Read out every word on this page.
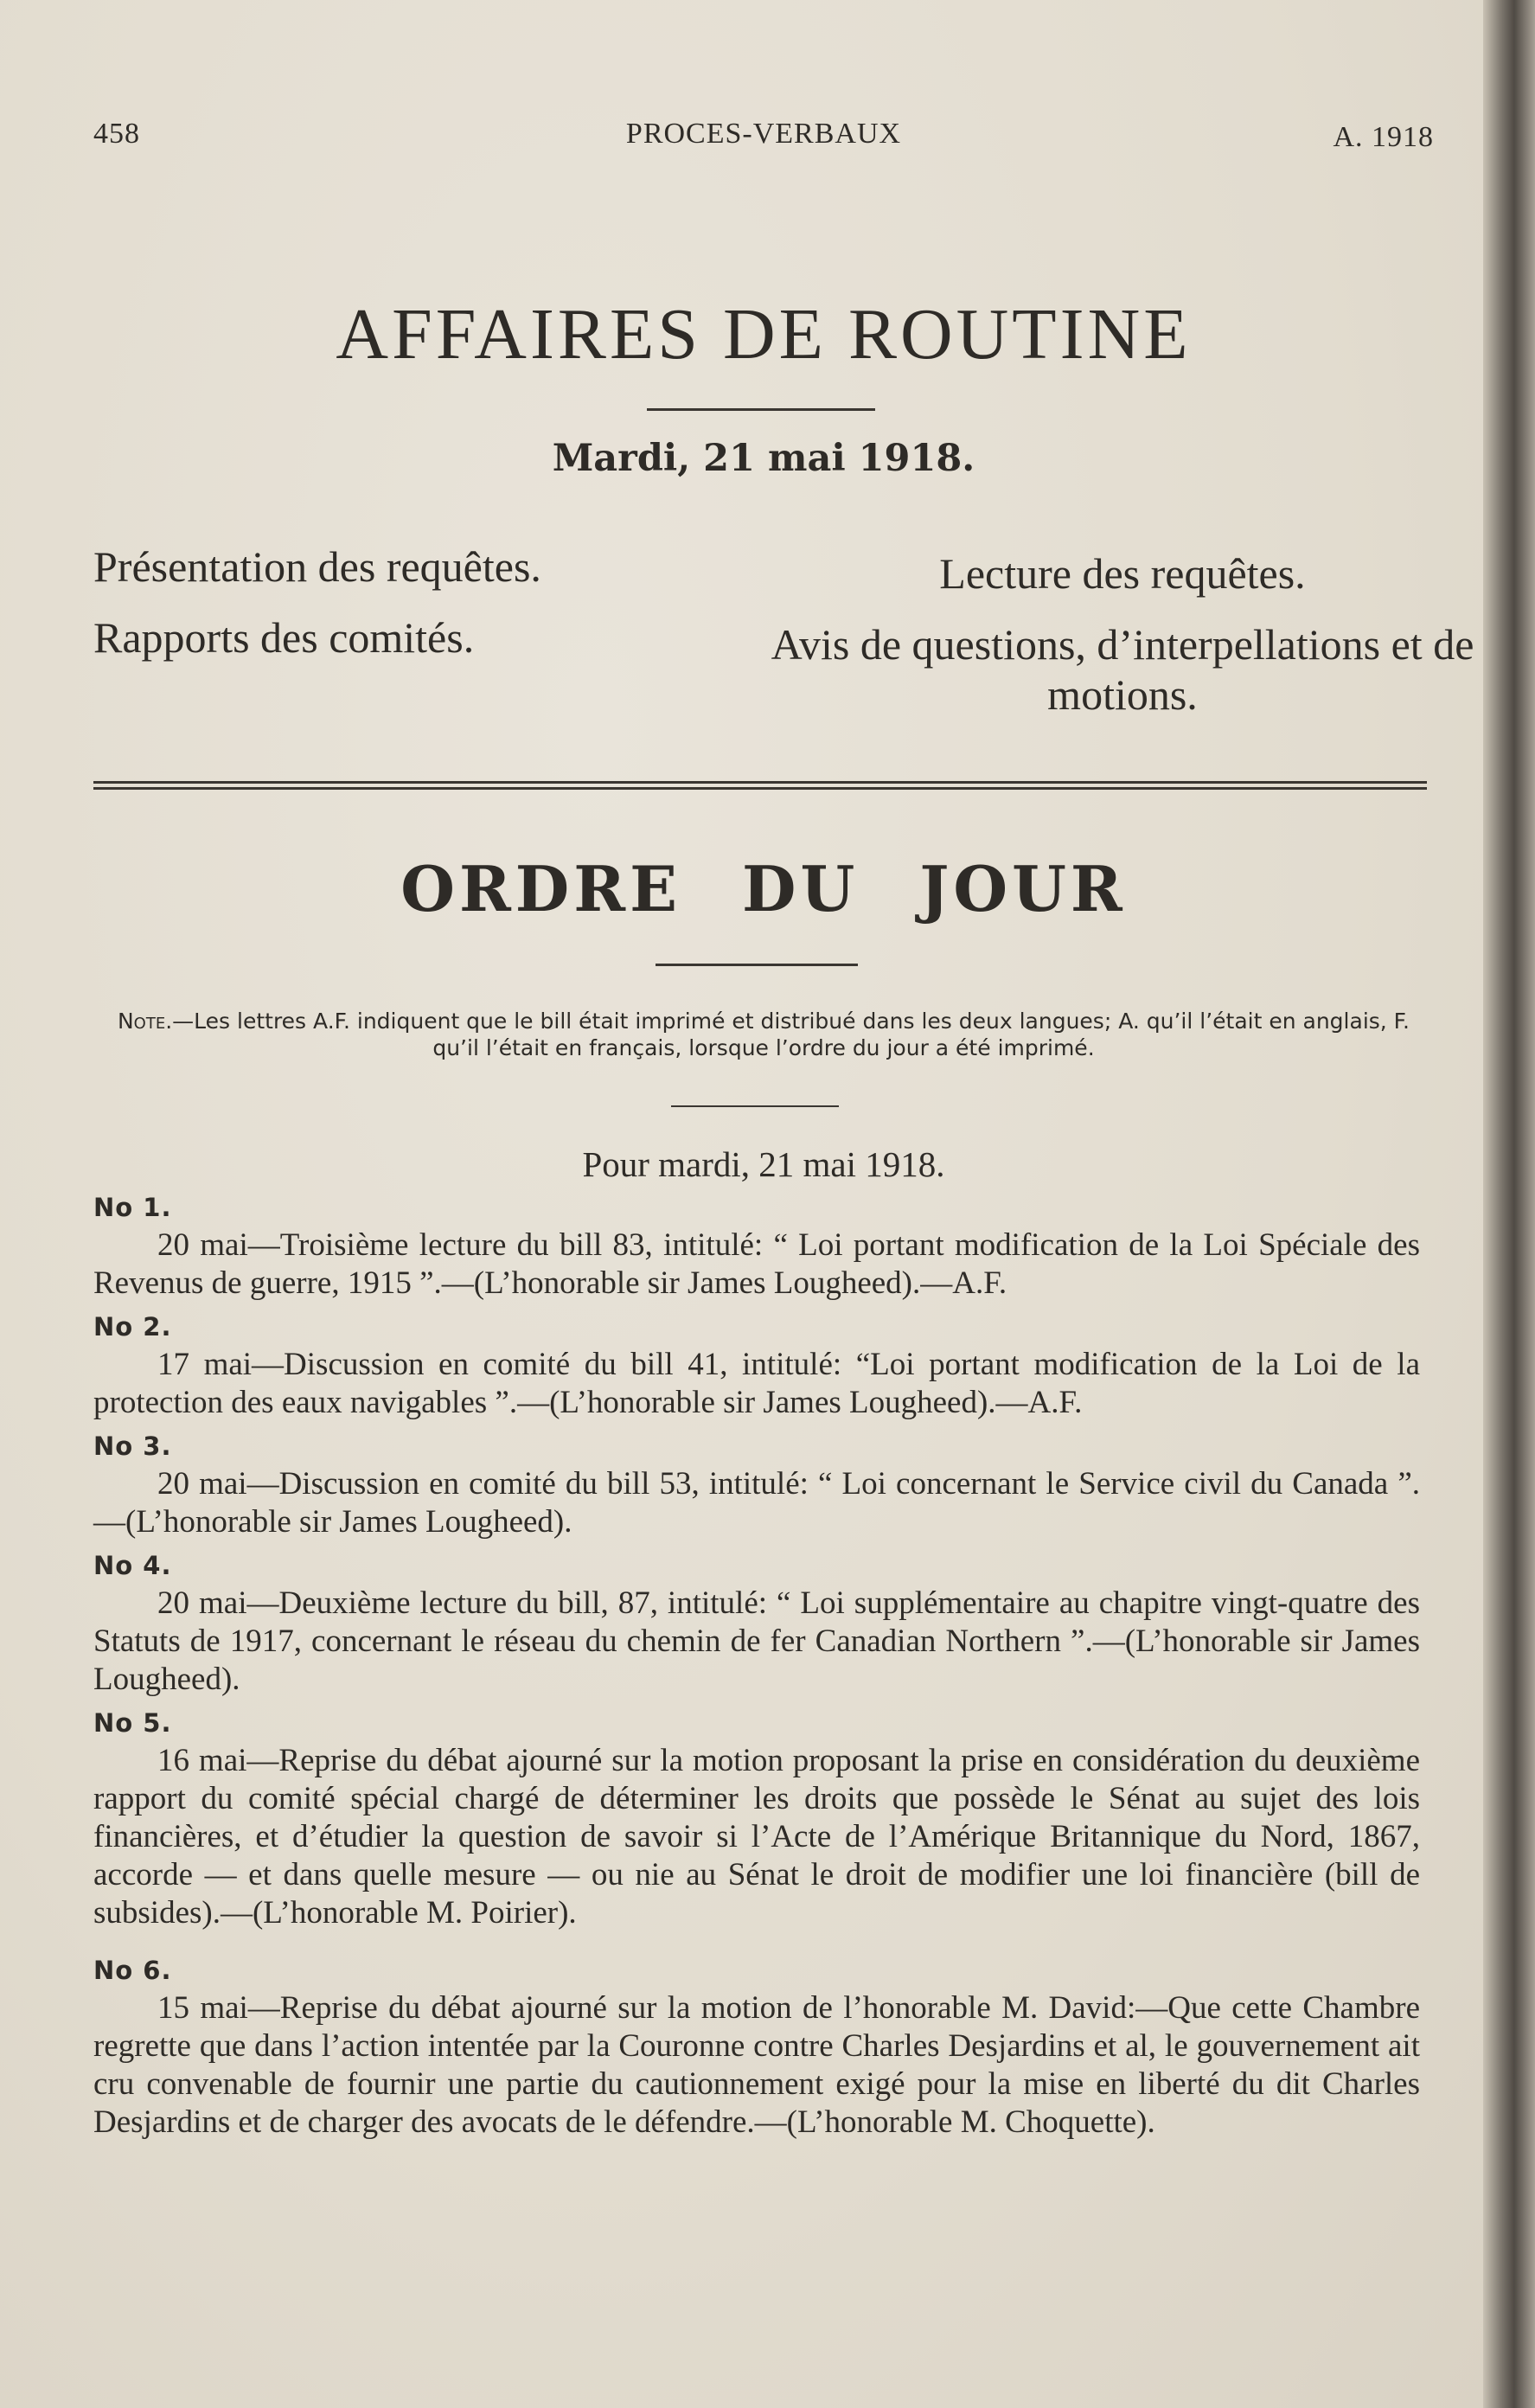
458	PROCES-VERBAUX	A. 1918
AFFAIRES DE ROUTINE
Mardi, 21 mai 1918.
Présentation des requêtes.
Rapports des comités.
Lecture des requêtes.
Avis de questions, d’interpellations et de motions.
ORDRE DU JOUR
Note.—Les lettres A.F. indiquent que le bill était imprimé et distribué dans les deux langues; A. qu’il l’était en anglais, F. qu’il l’était en français, lorsque l’ordre du jour a été imprimé.
Pour mardi, 21 mai 1918.
No 1.
20 mai—Troisième lecture du bill 83, intitulé: “ Loi portant modification de la Loi Spéciale des Revenus de guerre, 1915 ”.—(L’honorable sir James Lougheed).—A.F.
No 2.
17 mai—Discussion en comité du bill 41, intitulé: “Loi portant modification de la Loi de la protection des eaux navigables ”.—(L’honorable sir James Lougheed).—A.F.
No 3.
20 mai—Discussion en comité du bill 53, intitulé: “ Loi concernant le Service civil du Canada ”.—(L’honorable sir James Lougheed).
No 4.
20 mai—Deuxième lecture du bill, 87, intitulé: “ Loi supplémentaire au chapitre vingt-quatre des Statuts de 1917, concernant le réseau du chemin de fer Canadian Northern ”.—(L’honorable sir James Lougheed).
No 5.
16 mai—Reprise du débat ajourné sur la motion proposant la prise en considération du deuxième rapport du comité spécial chargé de déterminer les droits que possède le Sénat au sujet des lois financières, et d’étudier la question de savoir si l’Acte de l’Amérique Britannique du Nord, 1867, accorde — et dans quelle mesure — ou nie au Sénat le droit de modifier une loi financière (bill de subsides).—(L’honorable M. Poirier).
No 6.
15 mai—Reprise du débat ajourné sur la motion de l’honorable M. David:—Que cette Chambre regrette que dans l’action intentée par la Couronne contre Charles Desjardins et al, le gouvernement ait cru convenable de fournir une partie du cautionnement exigé pour la mise en liberté du dit Charles Desjardins et de charger des avocats de le défendre.—(L’honorable M. Choquette).
